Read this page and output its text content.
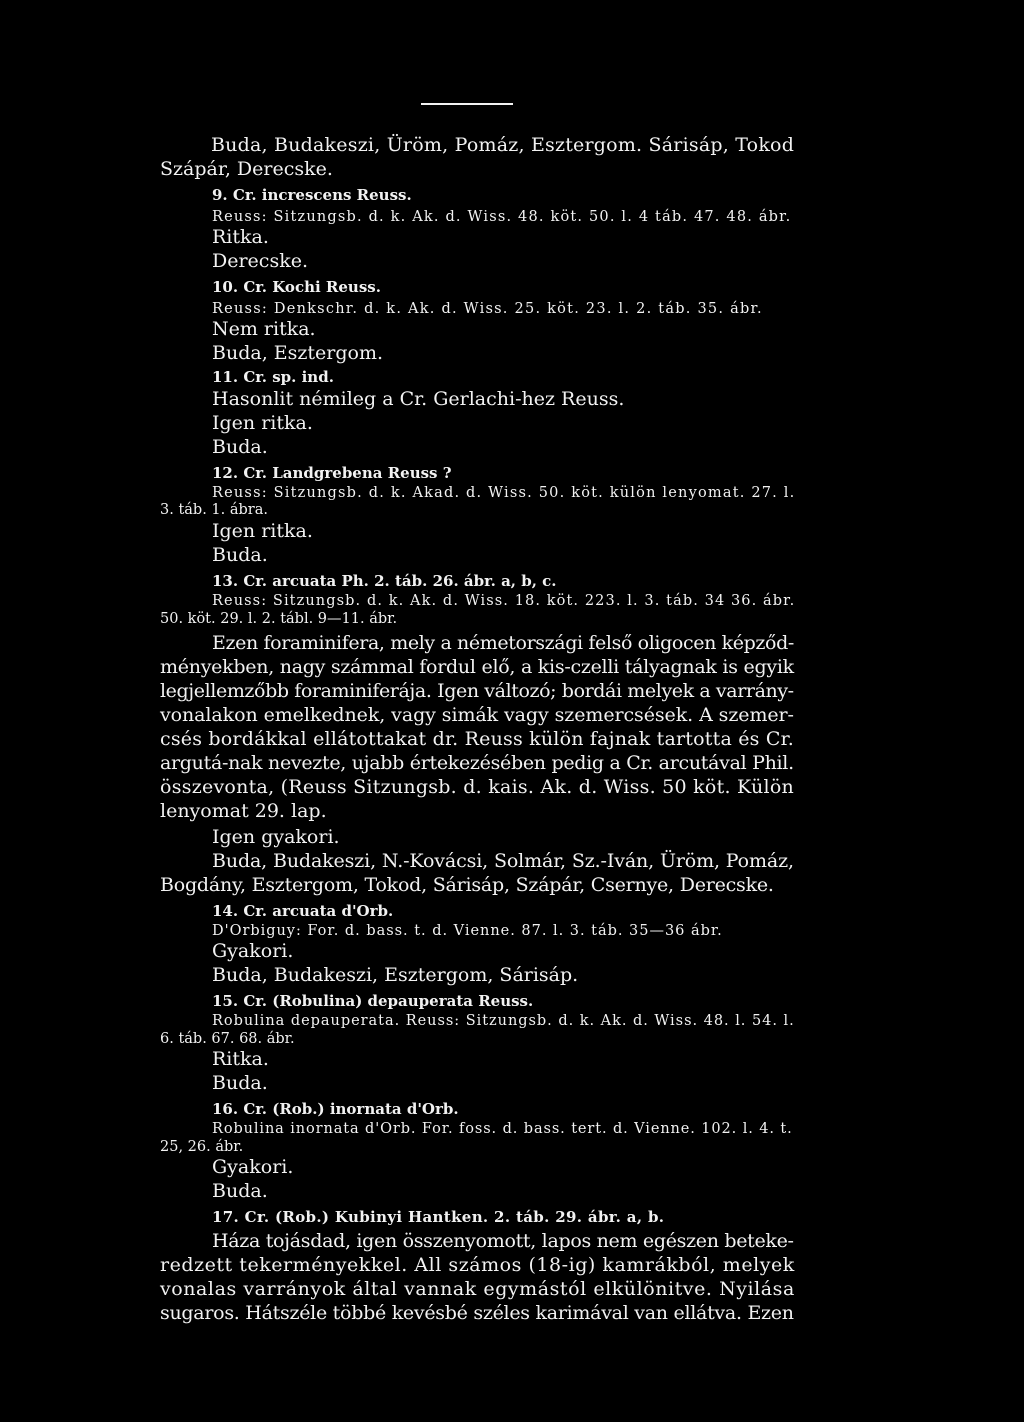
Buda, Budakeszi, Üröm, Pomáz, Esztergom. Sárisáp, Tokod
Szápár, Derecske.
9. Cr. increscens Reuss.
Reuss: Sitzungsb. d. k. Ak. d. Wiss. 48. köt. 50. l. 4 táb. 47. 48. ábr.
Ritka.
Derecske.
10. Cr. Kochi Reuss.
Reuss: Denkschr. d. k. Ak. d. Wiss. 25. köt. 23. l. 2. táb. 35. ábr.
Nem ritka.
Buda, Esztergom.
11. Cr. sp. ind.
Hasonlit némileg a Cr. Gerlachi-hez Reuss.
Igen ritka.
Buda.
12. Cr. Landgrebena Reuss ?
Reuss: Sitzungsb. d. k. Akad. d. Wiss. 50. köt. külön lenyomat. 27. l.
3. táb. 1. ábra.
Igen ritka.
Buda.
13. Cr. arcuata Ph. 2. táb. 26. ábr. a, b, c.
Reuss: Sitzungsb. d. k. Ak. d. Wiss. 18. köt. 223. l. 3. táb. 34 36. ábr.
50. köt. 29. l. 2. tábl. 9—11. ábr.
Ezen foraminifera, mely a németországi felső oligocen képződ-
ményekben, nagy számmal fordul elő, a kis-czelli tályagnak is egyik
legjellemzőbb foraminiferája. Igen változó; bordái melyek a varrány-
vonalakon emelkednek, vagy simák vagy szemercsések. A szemer-
csés bordákkal ellátottakat dr. Reuss külön fajnak tartotta és Cr.
argutá-nak nevezte, ujabb értekezésében pedig a Cr. arcutával Phil.
összevonta, (Reuss Sitzungsb. d. kais. Ak. d. Wiss. 50 köt. Külön
lenyomat 29. lap.
Igen gyakori.
Buda, Budakeszi, N.-Kovácsi, Solmár, Sz.-Iván, Üröm, Pomáz,
Bogdány, Esztergom, Tokod, Sárisáp, Szápár, Csernye, Derecske.
14. Cr. arcuata d'Orb.
D'Orbiguy: For. d. bass. t. d. Vienne. 87. l. 3. táb. 35—36 ábr.
Gyakori.
Buda, Budakeszi, Esztergom, Sárisáp.
15. Cr. (Robulina) depauperata Reuss.
Robulina depauperata. Reuss: Sitzungsb. d. k. Ak. d. Wiss. 48. l. 54. l.
6. táb. 67. 68. ábr.
Ritka.
Buda.
16. Cr. (Rob.) inornata d'Orb.
Robulina inornata d'Orb. For. foss. d. bass. tert. d. Vienne. 102. l. 4. t.
25, 26. ábr.
Gyakori.
Buda.
17. Cr. (Rob.) Kubinyi Hantken. 2. táb. 29. ábr. a, b.
Háza tojásdad, igen összenyomott, lapos nem egészen beteke-
redzett tekerményekkel. All számos (18-ig) kamrákból, melyek
vonalas varrányok által vannak egymástól elkülönitve. Nyilása
sugaros. Hátszéle többé kevésbé széles karimával van ellátva. Ezen
